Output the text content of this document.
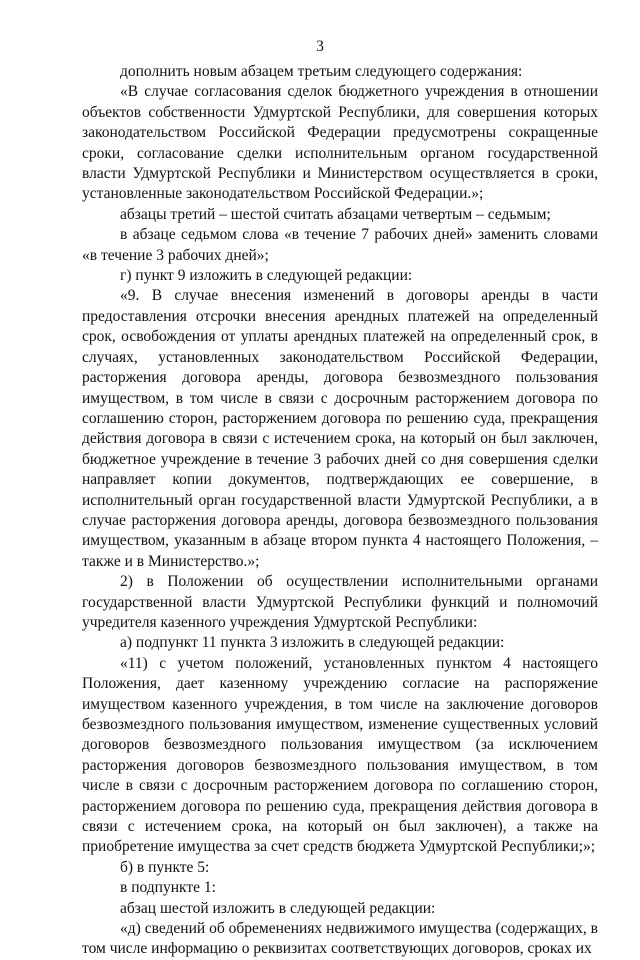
3

дополнить новым абзацем третьим следующего содержания:

«В случае согласования сделок бюджетного учреждения в отношении объектов собственности Удмуртской Республики, для совершения которых законодательством Российской Федерации предусмотрены сокращенные сроки, согласование сделки исполнительным органом государственной власти Удмуртской Республики и Министерством осуществляется в сроки, установленные законодательством Российской Федерации.»;

абзацы третий – шестой считать абзацами четвертым – седьмым;

в абзаце седьмом слова «в течение 7 рабочих дней» заменить словами «в течение 3 рабочих дней»;

г) пункт 9 изложить в следующей редакции:

«9. В случае внесения изменений в договоры аренды в части предоставления отсрочки внесения арендных платежей на определенный срок, освобождения от уплаты арендных платежей на определенный срок, в случаях, установленных законодательством Российской Федерации, расторжения договора аренды, договора безвозмездного пользования имуществом, в том числе в связи с досрочным расторжением договора по соглашению сторон, расторжением договора по решению суда, прекращения действия договора в связи с истечением срока, на который он был заключен, бюджетное учреждение в течение 3 рабочих дней со дня совершения сделки направляет копии документов, подтверждающих ее совершение, в исполнительный орган государственной власти Удмуртской Республики, а в случае расторжения договора аренды, договора безвозмездного пользования имуществом, указанным в абзаце втором пункта 4 настоящего Положения, – также и в Министерство.»;

2) в Положении об осуществлении исполнительными органами государственной власти Удмуртской Республики функций и полномочий учредителя казенного учреждения Удмуртской Республики:

а) подпункт 11 пункта 3 изложить в следующей редакции:

«11) с учетом положений, установленных пунктом 4 настоящего Положения, дает казенному учреждению согласие на распоряжение имуществом казенного учреждения, в том числе на заключение договоров безвозмездного пользования имуществом, изменение существенных условий договоров безвозмездного пользования имуществом (за исключением расторжения договоров безвозмездного пользования имуществом, в том числе в связи с досрочным расторжением договора по соглашению сторон, расторжением договора по решению суда, прекращения действия договора в связи с истечением срока, на который он был заключен), а также на приобретение имущества за счет средств бюджета Удмуртской Республики;»;

б) в пункте 5:

в подпункте 1:

абзац шестой изложить в следующей редакции:

«д) сведений об обременениях недвижимого имущества (содержащих, в том числе информацию о реквизитах соответствующих договоров, сроках их
